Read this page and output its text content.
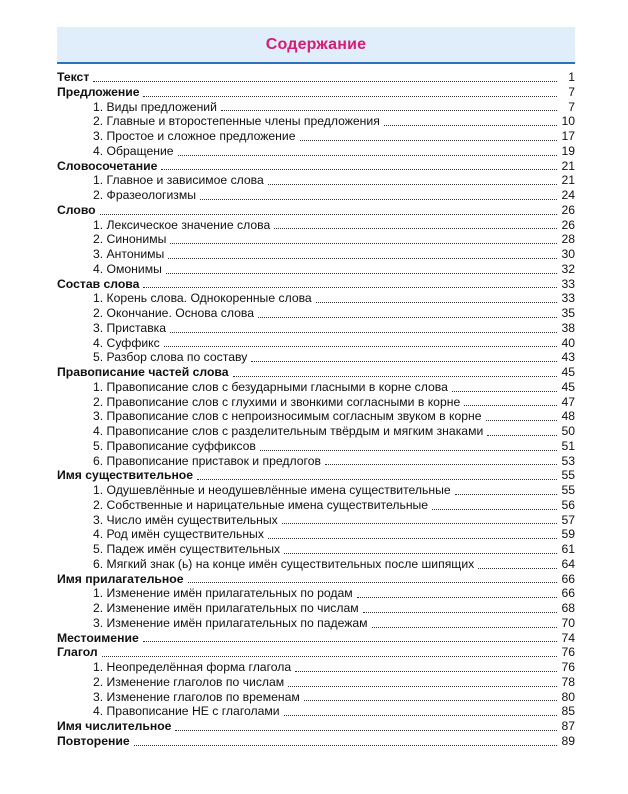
Содержание
Текст	1
Предложение	7
1. Виды предложений	7
2. Главные и второстепенные члены предложения	10
3. Простое и сложное предложение	17
4. Обращение	19
Словосочетание	21
1. Главное и зависимое слова	21
2. Фразеологизмы	24
Слово	26
1. Лексическое значение слова	26
2. Синонимы	28
3. Антонимы	30
4. Омонимы	32
Состав слова	33
1. Корень слова. Однокоренные слова	33
2. Окончание. Основа слова	35
3. Приставка	38
4. Суффикс	40
5. Разбор слова по составу	43
Правописание частей слова	45
1. Правописание слов с безударными гласными в корне слова	45
2. Правописание слов с глухими и звонкими согласными в корне	47
3. Правописание слов с непроизносимым согласным звуком в корне	48
4. Правописание слов с разделительным твёрдым и мягким знаками	50
5. Правописание суффиксов	51
6. Правописание приставок и предлогов	53
Имя существительное	55
1. Одушевлённые и неодушевлённые имена существительные	55
2. Собственные и нарицательные имена существительные	56
3. Число имён существительных	57
4. Род имён существительных	59
5. Падеж имён существительных	61
6. Мягкий знак (ь) на конце имён существительных после шипящих	64
Имя прилагательное	66
1. Изменение имён прилагательных по родам	66
2. Изменение имён прилагательных по числам	68
3. Изменение имён прилагательных по падежам	70
Местоимение	74
Глагол	76
1. Неопределённая форма глагола	76
2. Изменение глаголов по числам	78
3. Изменение глаголов по временам	80
4. Правописание НЕ с глаголами	85
Имя числительное	87
Повторение	89
